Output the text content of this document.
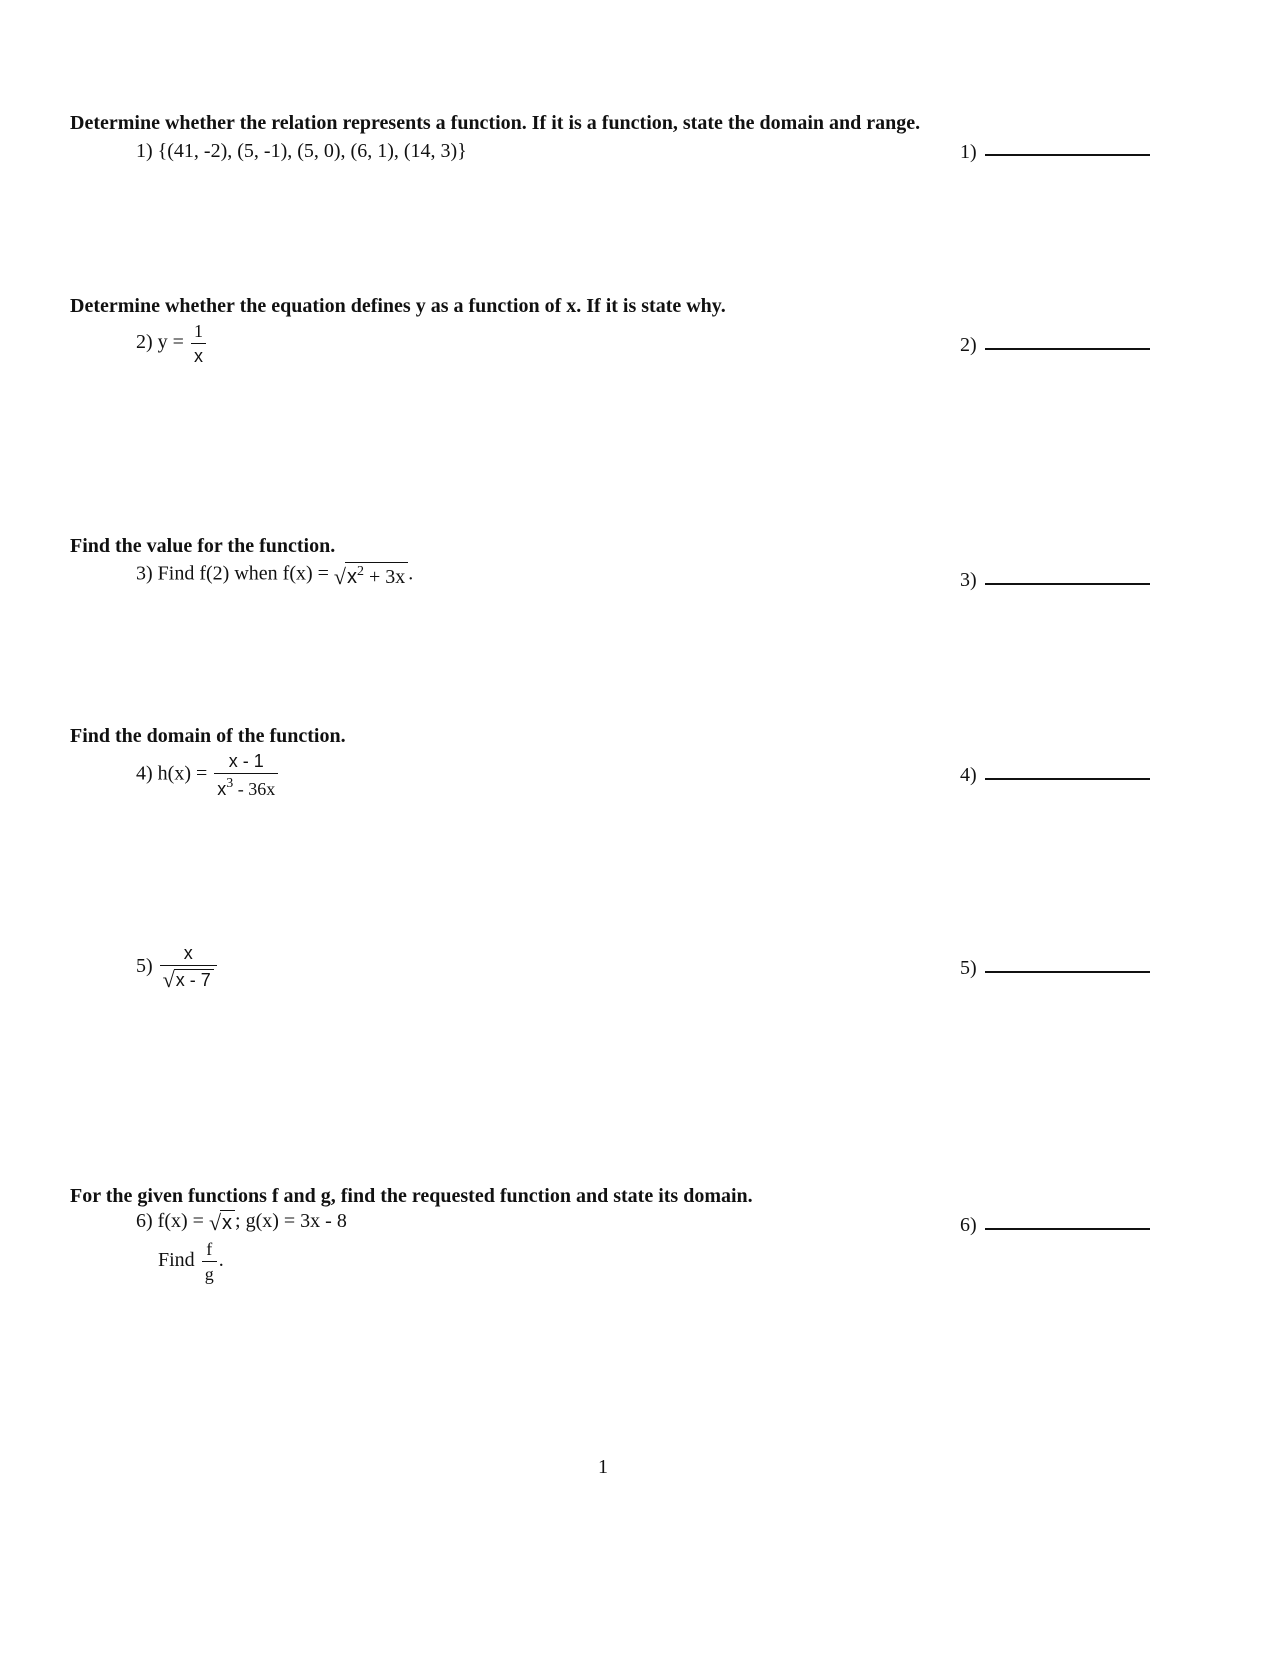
Determine whether the relation represents a function. If it is a function, state the domain and range.
1) {(41, -2), (5, -1), (5, 0), (6, 1), (14, 3)}	1)
Determine whether the equation defines y as a function of x. If it is state why.
2) $y = \frac{1}{x}$	2)
Find the value for the function.
3) Find f(2) when f(x) = √ $x^2 + 3x$ .	3)
Find the domain of the function.
4) $h(x) = \frac{x - 1}{x^3 - 36x}$	4)
$5) \frac{x}{√ x - 7}$	5)
For the given functions f and g, find the requested function and state its domain.
6) f(x) = √ x ; g(x) = 3x - 8
Find $\frac{f}{g}$ .
6)
1
